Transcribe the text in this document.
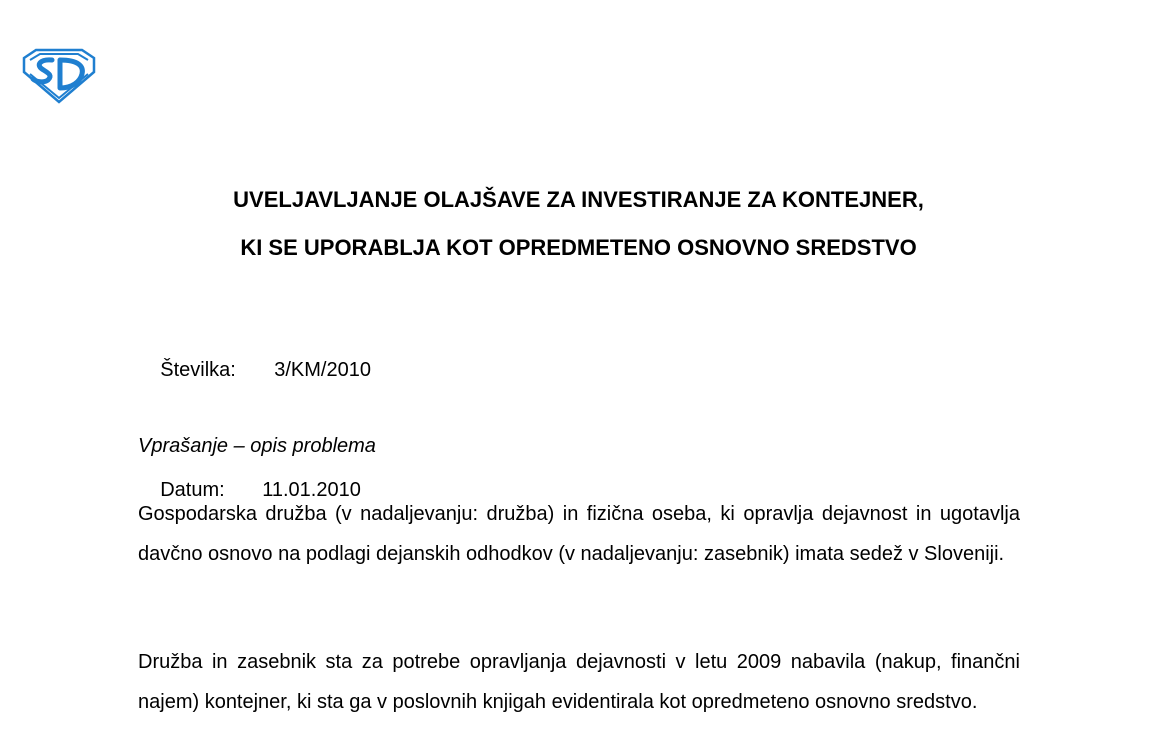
UVELJAVLJANJE OLAJŠAVE ZA INVESTIRANJE ZA KONTEJNER,
KI SE UPORABLJA KOT OPREDMETENO OSNOVNO SREDSTVO

Številka: 3/KM/2010

Datum: 11.01.2010

Vprašanje – opis problema

Gospodarska družba (v nadaljevanju: družba) in fizična oseba, ki opravlja dejavnost in ugotavlja davčno osnovo na podlagi dejanskih odhodkov (v nadaljevanju: zasebnik) imata sedež v Sloveniji.

Družba in zasebnik sta za potrebe opravljanja dejavnosti v letu 2009 nabavila (nakup, finančni najem) kontejner, ki sta ga v poslovnih knjigah evidentirala kot opredmeteno osnovno sredstvo.
